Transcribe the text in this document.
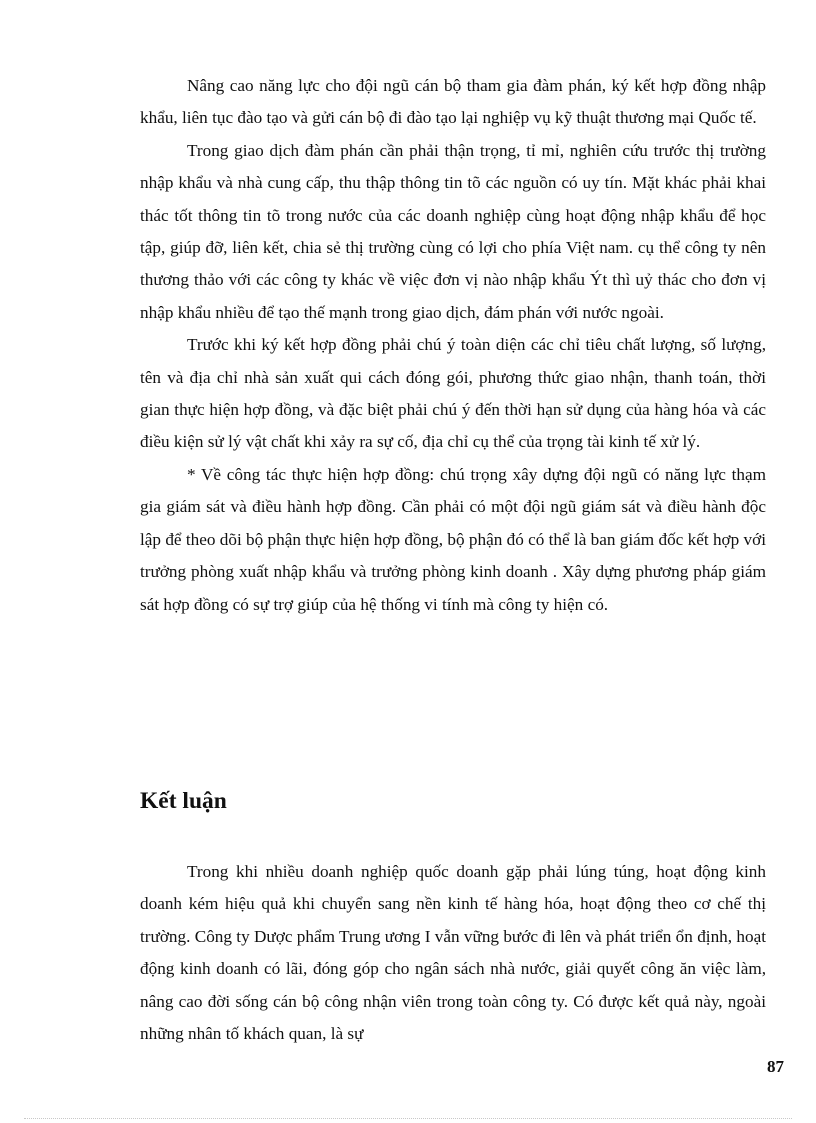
Nâng cao năng lực cho đội ngũ cán bộ tham gia đàm phán, ký kết hợp đồng nhập khẩu, liên tục đào tạo và gửi cán bộ đi đào tạo lại nghiệp vụ kỹ thuật thương mại Quốc tế.

Trong giao dịch đàm phán cần phải thận trọng, tỉ mỉ, nghiên cứu trước thị trường nhập khẩu và nhà cung cấp, thu thập thông tin tõ các nguồn có uy tín. Mặt khác phải khai thác tốt thông tin tõ trong nước của các doanh nghiệp cùng hoạt động nhập khẩu để học tập, giúp đỡ, liên kết, chia sẻ thị trường cùng có lợi cho phía Việt nam. cụ thể công ty nên thương thảo với các công ty khác về việc đơn vị nào nhập khẩu Ýt thì uỷ thác cho đơn vị nhập khẩu nhiều để tạo thế mạnh trong giao dịch, đám phán với nước ngoài.

Trước khi ký kết hợp đồng phải chú ý toàn diện các chỉ tiêu chất lượng, số lượng, tên và địa chỉ nhà sản xuất qui cách đóng gói, phương thức giao nhận, thanh toán, thời gian thực hiện hợp đồng, và đặc biệt phải chú ý đến thời hạn sử dụng của hàng hóa và các điều kiện sử lý vật chất khi xảy ra sự cố, địa chỉ cụ thể của trọng tài kinh tế xử lý.

* Về công tác thực hiện hợp đồng: chú trọng xây dựng đội ngũ có năng lực thạm gia giám sát và điều hành hợp đồng. Cần phải có một đội ngũ giám sát và điều hành độc lập để theo dõi bộ phận thực hiện hợp đồng, bộ phận đó có thể là ban giám đốc kết hợp với trưởng phòng xuất nhập khẩu và trưởng phòng kinh doanh . Xây dựng phương pháp giám sát hợp đồng có sự trợ giúp của hệ thống vi tính mà công ty hiện có.

Kết luận

Trong khi nhiều doanh nghiệp quốc doanh gặp phải lúng túng, hoạt động kinh doanh kém hiệu quả khi chuyển sang nền kinh tế hàng hóa, hoạt động theo cơ chế thị trường. Công ty Dược phẩm Trung ương I vẫn vững bước đi lên và phát triển ổn định, hoạt động kinh doanh có lãi, đóng góp cho ngân sách nhà nước, giải quyết công ăn việc làm, nâng cao đời sống cán bộ công nhận viên trong toàn công ty. Có được kết quả này, ngoài những nhân tố khách quan, là sự

87
